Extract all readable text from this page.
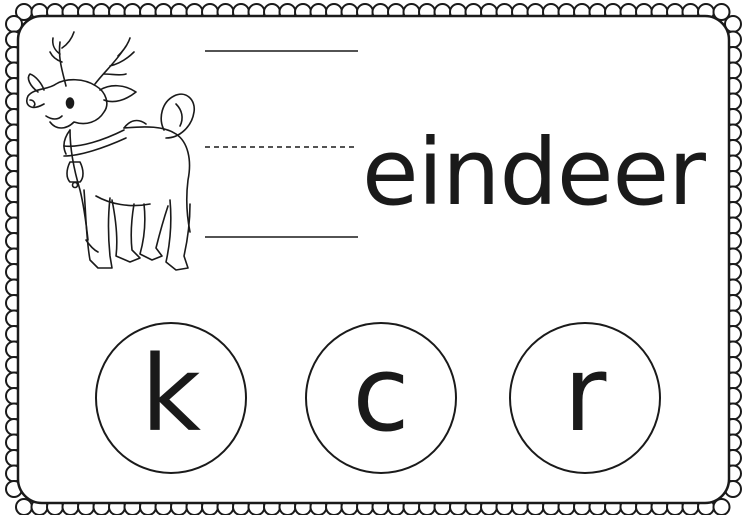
eindeer
k c r
